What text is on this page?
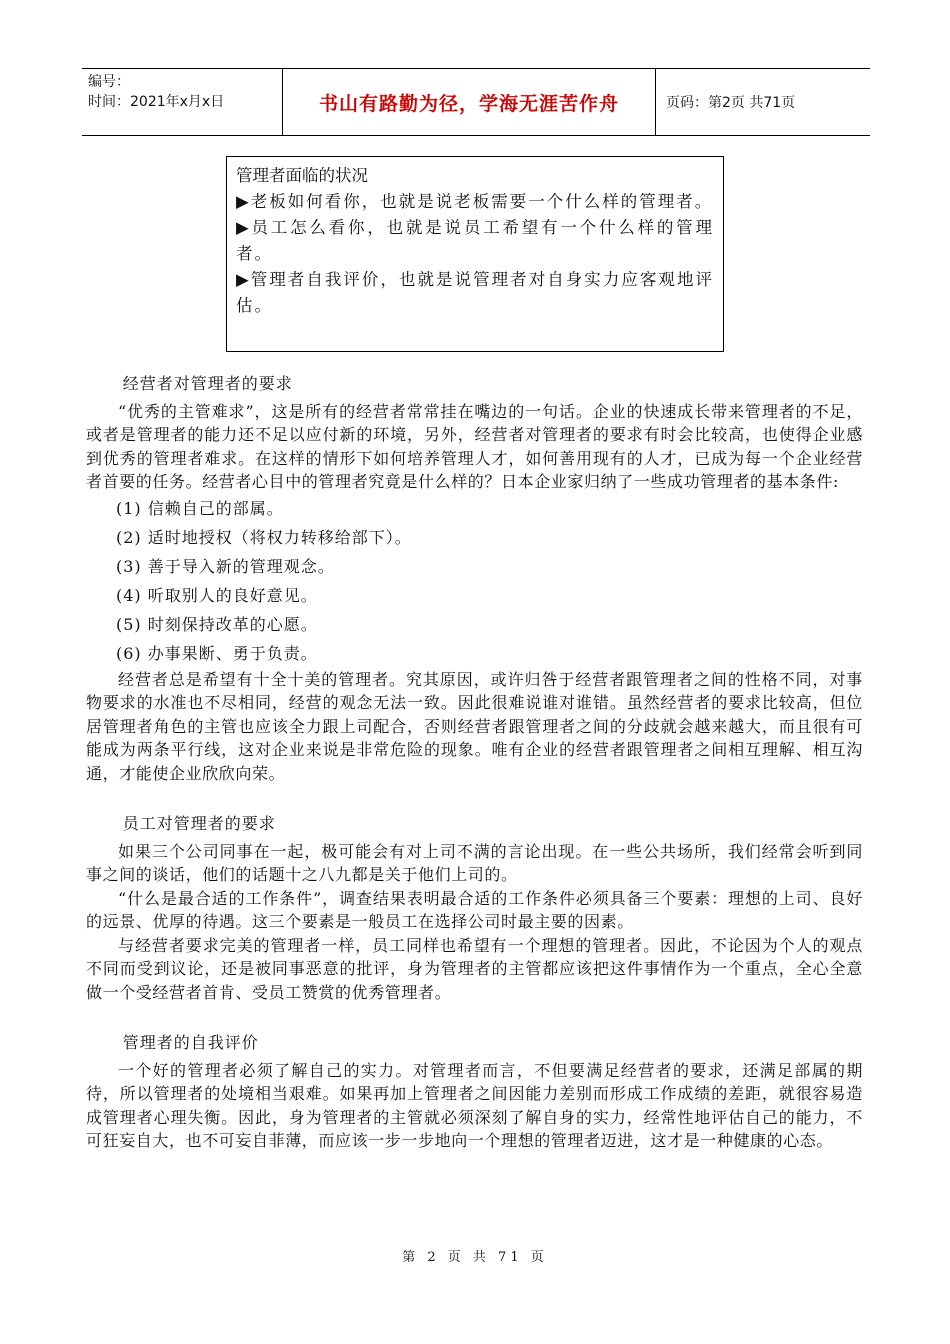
编号：
时间：2021年x月x日	书山有路勤为径，学海无涯苦作舟	页码：第2页 共71页
管理者面临的状况
▶老板如何看你，也就是说老板需要一个什么样的管理者。
▶员工怎么看你，也就是说员工希望有一个什么样的管理者。
▶管理者自我评价，也就是说管理者对自身实力应客观地评估。
经营者对管理者的要求

“优秀的主管难求”，这是所有的经营者常常挂在嘴边的一句话。企业的快速成长带来管理者的不足，或者是管理者的能力还不足以应付新的环境，另外，经营者对管理者的要求有时会比较高，也使得企业感到优秀的管理者难求。在这样的情形下如何培养管理人才，如何善用现有的人才，已成为每一个企业经营者首要的任务。经营者心目中的管理者究竟是什么样的？日本企业家归纳了一些成功管理者的基本条件:

(1) 信赖自己的部属。
(2) 适时地授权（将权力转移给部下）。
(3) 善于导入新的管理观念。
(4) 听取别人的良好意见。
(5) 时刻保持改革的心愿。
(6) 办事果断、勇于负责。

经营者总是希望有十全十美的管理者。究其原因，或许归咎于经营者跟管理者之间的性格不同，对事物要求的水准也不尽相同，经营的观念无法一致。因此很难说谁对谁错。虽然经营者的要求比较高，但位居管理者角色的主管也应该全力跟上司配合，否则经营者跟管理者之间的分歧就会越来越大，而且很有可能成为两条平行线，这对企业来说是非常危险的现象。唯有企业的经营者跟管理者之间相互理解、相互沟通，才能使企业欣欣向荣。

员工对管理者的要求

如果三个公司同事在一起，极可能会有对上司不满的言论出现。在一些公共场所，我们经常会听到同事之间的谈话，他们的话题十之八九都是关于他们上司的。

“什么是最合适的工作条件”，调查结果表明最合适的工作条件必须具备三个要素：理想的上司、良好的远景、优厚的待遇。这三个要素是一般员工在选择公司时最主要的因素。

与经营者要求完美的管理者一样，员工同样也希望有一个理想的管理者。因此，不论因为个人的观点不同而受到议论，还是被同事恶意的批评，身为管理者的主管都应该把这件事情作为一个重点，全心全意做一个受经营者首肯、受员工赞赏的优秀管理者。

管理者的自我评价

一个好的管理者必须了解自己的实力。对管理者而言，不但要满足经营者的要求，还满足部属的期待，所以管理者的处境相当艰难。如果再加上管理者之间因能力差别而形成工作成绩的差距，就很容易造成管理者心理失衡。因此，身为管理者的主管就必须深刻了解自身的实力，经常性地评估自己的能力，不可狂妄自大，也不可妄自菲薄，而应该一步一步地向一个理想的管理者迈进，这才是一种健康的心态。

第 2 页 共 71 页
